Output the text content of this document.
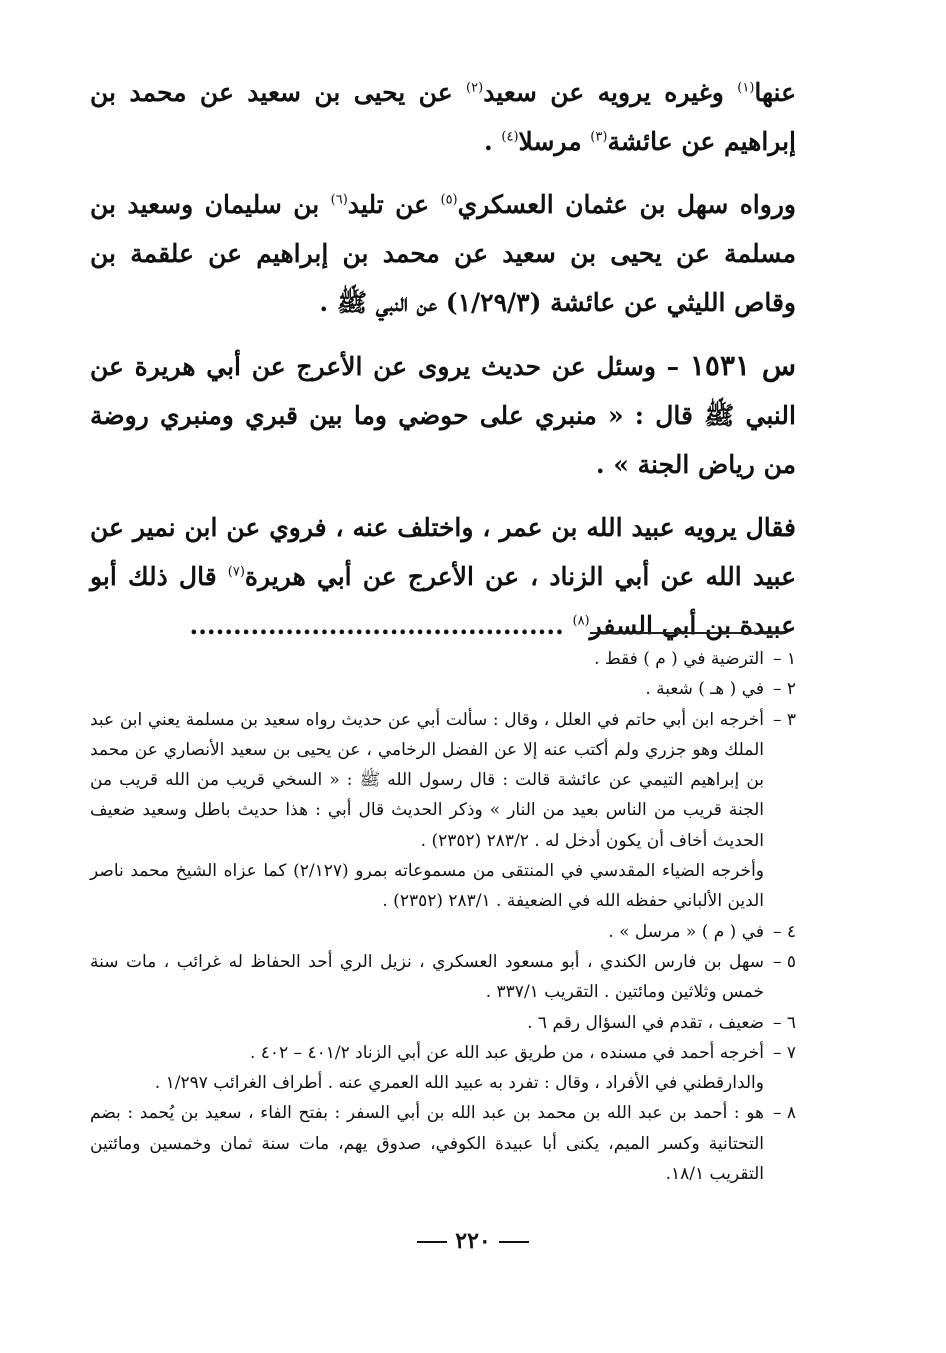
عنها$^{(١)}$ وغيره يرويه عن سعيد$^{(٢)}$ عن يحيى بن سعيد عن محمد بن إبراهيم عن عائشة$^{(٣)}$ مرسلا$^{(٤)}$ .

ورواه سهل بن عثمان العسكري$^{(٥)}$ عن تليد$^{(٦)}$ بن سليمان وسعيد بن مسلمة عن يحيى بن سعيد عن محمد بن إبراهيم عن علقمة بن وقاص الليثي عن عائشة (١/٢٩/٣) عن النبي ﷺ .

س ١٥٣١ – وسئل عن حديث يروى عن الأعرج عن أبي هريرة عن النبي ﷺ قال : « منبري على حوضي وما بين قبري ومنبري روضة من رياض الجنة » .

فقال يرويه عبيد الله بن عمر ، واختلف عنه ، فروي عن ابن نمير عن عبيد الله عن أبي الزناد ، عن الأعرج عن أبي هريرة$^{(٧)}$ قال ذلك أبو عبيدة بن أبي السفر$^{(٨)}$ ...........................................

١ –
الترضية في ( م ) فقط .
٢ –
في ( هـ ) شعبة .
٣ –
أخرجه ابن أبي حاتم في العلل ، وقال : سألت أبي عن حديث رواه سعيد بن مسلمة يعني ابن عبد الملك وهو جزري ولم أكتب عنه إلا عن الفضل الرخامي ، عن يحيى بن سعيد الأنصاري عن محمد بن إبراهيم التيمي عن عائشة قالت : قال رسول الله ﷺ : « السخي قريب من الله قريب من الجنة قريب من الناس بعيد من النار » وذكر الحديث قال أبي : هذا حديث باطل وسعيد ضعيف الحديث أخاف أن يكون أدخل له . ٢٨٣/٢ (٢٣٥٢) .
وأخرجه الضياء المقدسي في المنتقى من مسموعاته بمرو (٢/١٢٧) كما عزاه الشيخ محمد ناصر الدين الألباني حفظه الله في الضعيفة . ٢٨٣/١ (٢٣٥٢) .
٤ –
في ( م ) « مرسل » .
٥ –
سهل بن فارس الكندي ، أبو مسعود العسكري ، نزيل الري أحد الحفاظ له غرائب ، مات سنة خمس وثلاثين ومائتين . التقريب ٣٣٧/١ .
٦ –
ضعيف ، تقدم في السؤال رقم ٦ .
٧ –
أخرجه أحمد في مسنده ، من طريق عبد الله عن أبي الزناد ٤٠١/٢ – ٤٠٢ .
والدارقطني في الأفراد ، وقال : تفرد به عبيد الله العمري عنه . أطراف الغرائب ١/٢٩٧ .
٨ –
هو : أحمد بن عبد الله بن محمد بن عبد الله بن أبي السفر : بفتح الفاء ، سعيد بن يُحمد : بضم التحتانية وكسر الميم، يكنى أبا عبيدة الكوفي، صدوق يهم، مات سنة ثمان وخمسين ومائتين التقريب ١٨/١.
٢٢٠
